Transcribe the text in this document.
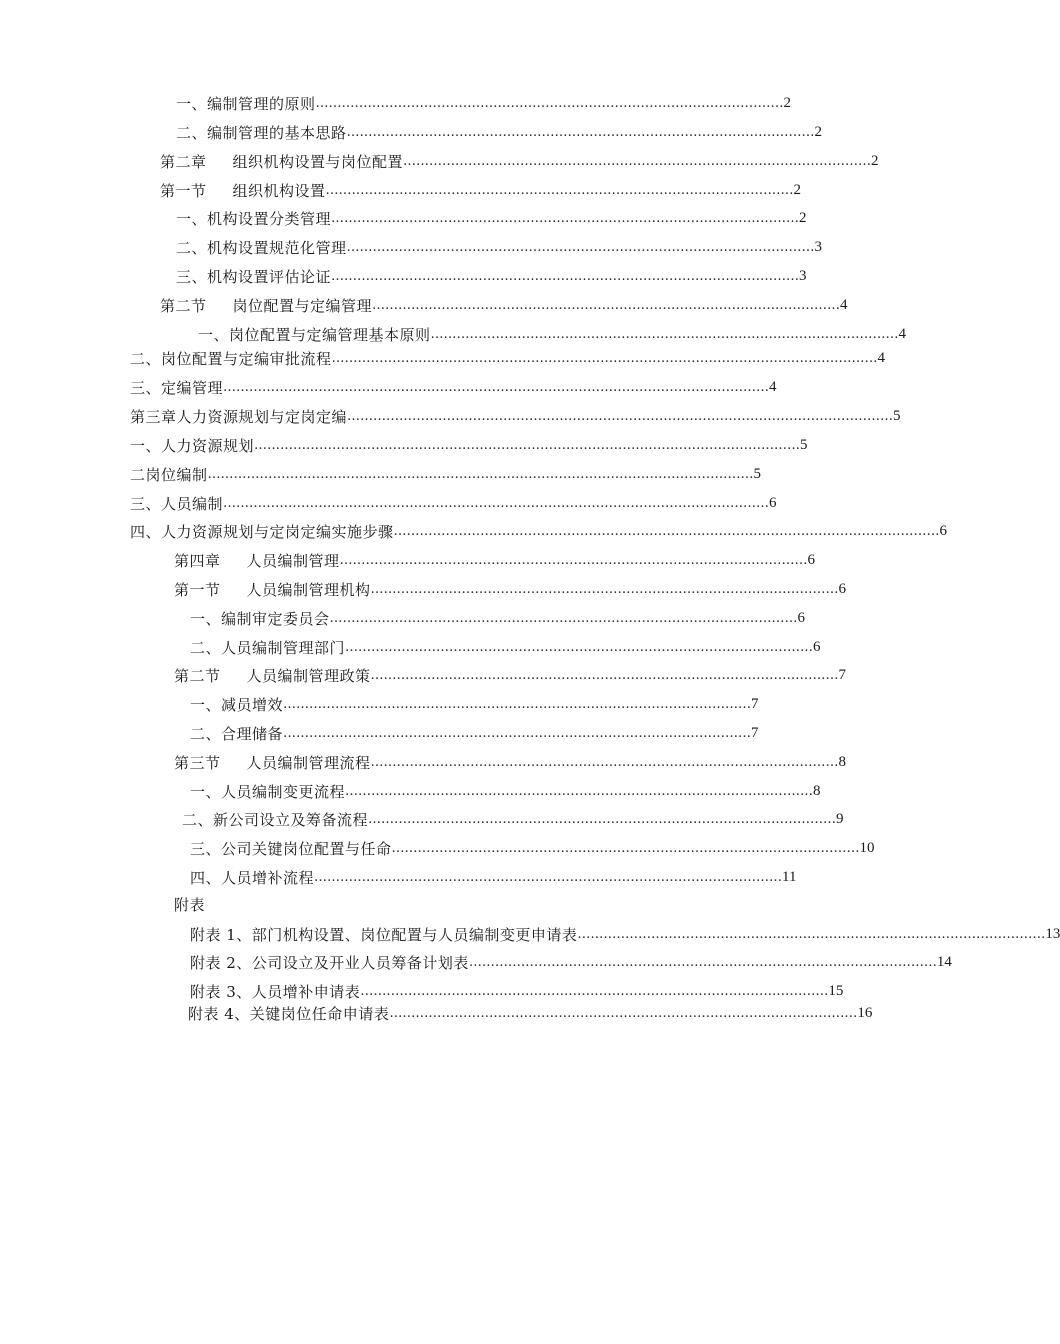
一、编制管理的原则 ……………………………………………………………………………………………… 2
二、编制管理的基本思路 ……………………………………………………………………………………………… 2
第二章 组织机构设置与岗位配置 ……………………………………………………………………………………………… 2
第一节 组织机构设置 ……………………………………………………………………………………………… 2
一、机构设置分类管理 ……………………………………………………………………………………………… 2
二、机构设置规范化管理 ……………………………………………………………………………………………… 3
三、机构设置评估论证 ……………………………………………………………………………………………… 3
第二节 岗位配置与定编管理 ……………………………………………………………………………………………… 4
一、岗位配置与定编管理基本原则 ……………………………………………………………………………………………… 4
二、岗位配置与定编审批流程 ……………………………………………………………………………………………………………… 4
三、定编管理 ……………………………………………………………………………………………………………… 4
第三章人力资源规划与定岗定编 ……………………………………………………………………………………………………………… 5
一、人力资源规划 ……………………………………………………………………………………………………………… 5
二岗位编制 ……………………………………………………………………………………………………………… 5
三、人员编制 ……………………………………………………………………………………………………………… 6
四、人力资源规划与定岗定编实施步骤 ……………………………………………………………………………………………………………… 6
第四章 人员编制管理 ……………………………………………………………………………………………… 6
第一节 人员编制管理机构 ……………………………………………………………………………………………… 6
一、编制审定委员会 ……………………………………………………………………………………………… 6
二、人员编制管理部门 ……………………………………………………………………………………………… 6
第二节 人员编制管理政策 ……………………………………………………………………………………………… 7
一、减员增效 ……………………………………………………………………………………………… 7
二、合理储备 ……………………………………………………………………………………………… 7
第三节 人员编制管理流程 ……………………………………………………………………………………………… 8
一、人员编制变更流程 ……………………………………………………………………………………………… 8
二、新公司设立及筹备流程 ……………………………………………………………………………………………… 9
三、公司关键岗位配置与任命 ……………………………………………………………………………………………… 10
四、人员增补流程 ……………………………………………………………………………………………… 11
附表
附表 1、部门机构设置、岗位配置与人员编制变更申请表 ……………………………………………………………………………………………… 13
附表 2、公司设立及开业人员筹备计划表 ……………………………………………………………………………………………… 14
附表 3、人员增补申请表 ……………………………………………………………………………………………… 15
附表 4、关键岗位任命申请表 ……………………………………………………………………………………………… 16
